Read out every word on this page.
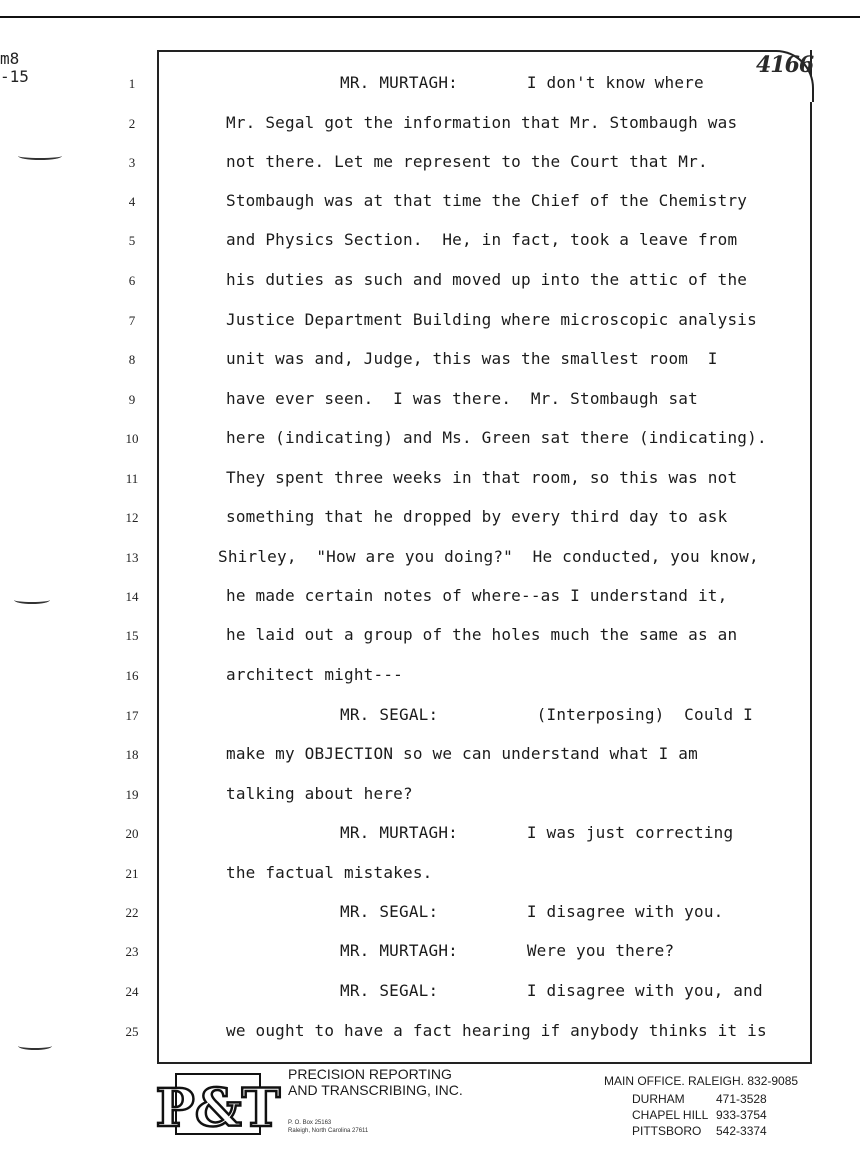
m8
-15	4166
1
2
3
4
5
6
7
8
9
10
11
12
13
14
15
16
17
18
19
20
21
22
23
24
25
MR. MURTAGH:       I don't know where
Mr. Segal got the information that Mr. Stombaugh was
not there. Let me represent to the Court that Mr.
Stombaugh was at that time the Chief of the Chemistry
and Physics Section.  He, in fact, took a leave from
his duties as such and moved up into the attic of the
Justice Department Building where microscopic analysis
unit was and, Judge, this was the smallest room  I
have ever seen.  I was there.  Mr. Stombaugh sat
here (indicating) and Ms. Green sat there (indicating).
They spent three weeks in that room, so this was not
something that he dropped by every third day to ask
Shirley,  "How are you doing?"  He conducted, you know,
he made certain notes of where--as I understand it,
he laid out a group of the holes much the same as an
architect might---
MR. SEGAL:          (Interposing)  Could I
make my OBJECTION so we can understand what I am
talking about here?
MR. MURTAGH:       I was just correcting
the factual mistakes.
MR. SEGAL:         I disagree with you.
MR. MURTAGH:       Were you there?
MR. SEGAL:         I disagree with you, and
we ought to have a fact hearing if anybody thinks it is
P&T
PRECISION REPORTING
AND TRANSCRIBING, INC.
P. O. Box 25163
Raleigh, North Carolina 27611
MAIN OFFICE. RALEIGH. 832-9085
DURHAM	471-3528
CHAPEL HILL 933-3754
PITTSBORO 542-3374
